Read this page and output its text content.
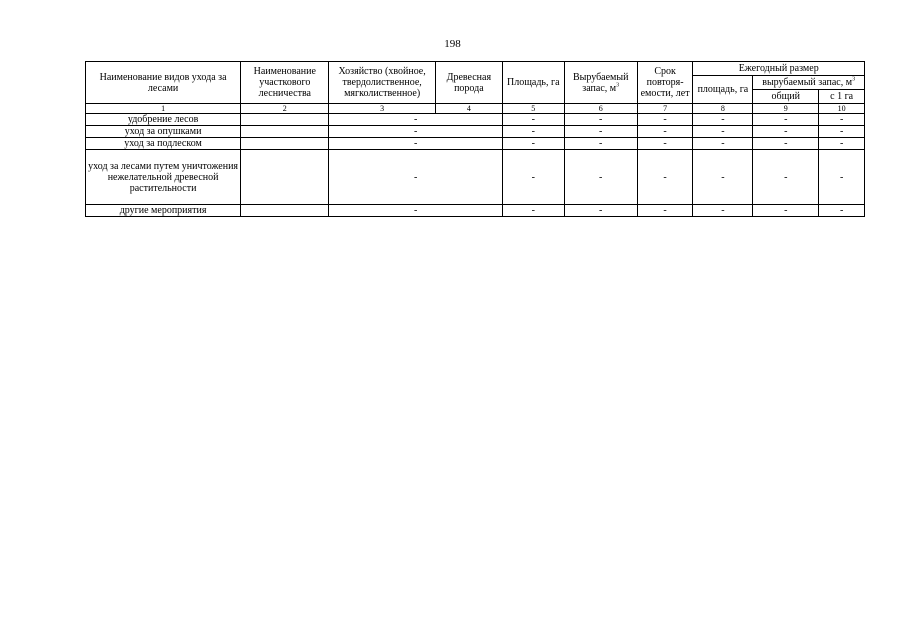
198
Наименование видов ухода за лесами	Наименование участкового лесничества	Хозяйство (хвойное, твердолиственное, мягколиственное)	Древесная порода	Площадь, га	Вырубаемый запас, $м^3$	Срок повторя-емости, лет	Ежегодный размер		
							площадь, га	вырубаемый запас, $м^3$
								общий	с 1 га
1	2	3	4	5	6	7	8	9	10
удобрение лесов		-		-	-	-	-	-	-
уход за опушками		-		-	-	-	-	-	-
уход за подлеском		-		-	-	-	-	-	-
уход за лесами путем уничтожения нежелательной древесной растительности		-		-	-	-	-	-	-
другие мероприятия		-		-	-	-	-	-	-
